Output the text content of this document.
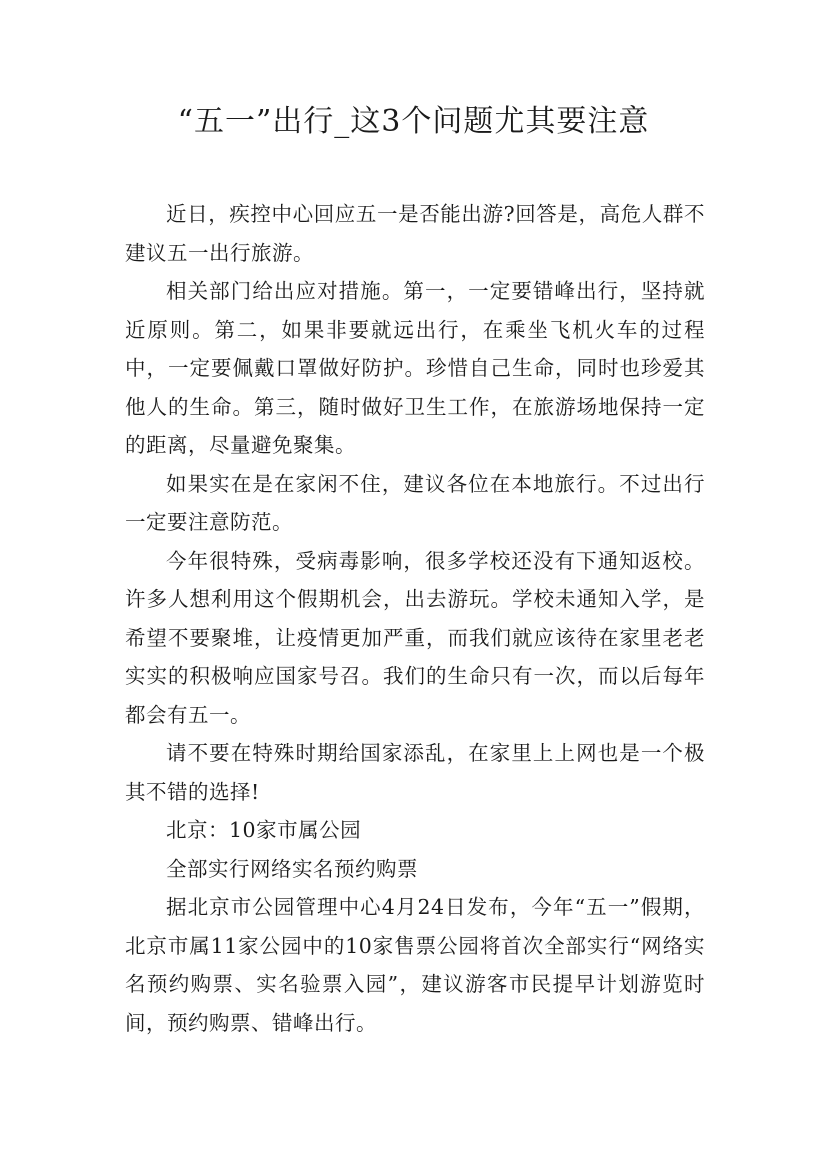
“五一”出行_这3个问题尤其要注意

近日，疾控中心回应五一是否能出游?回答是，高危人群不建议五一出行旅游。

相关部门给出应对措施。第一，一定要错峰出行，坚持就近原则。第二，如果非要就远出行，在乘坐飞机火车的过程中，一定要佩戴口罩做好防护。珍惜自己生命，同时也珍爱其他人的生命。第三，随时做好卫生工作，在旅游场地保持一定的距离，尽量避免聚集。

如果实在是在家闲不住，建议各位在本地旅行。不过出行一定要注意防范。

今年很特殊，受病毒影响，很多学校还没有下通知返校。许多人想利用这个假期机会，出去游玩。学校未通知入学，是希望不要聚堆，让疫情更加严重，而我们就应该待在家里老老实实的积极响应国家号召。我们的生命只有一次，而以后每年都会有五一。

请不要在特殊时期给国家添乱，在家里上上网也是一个极其不错的选择!

北京：10家市属公园

全部实行网络实名预约购票

据北京市公园管理中心4月24日发布，今年“五一”假期，北京市属11家公园中的10家售票公园将首次全部实行“网络实名预约购票、实名验票入园”，建议游客市民提早计划游览时间，预约购票、错峰出行。
